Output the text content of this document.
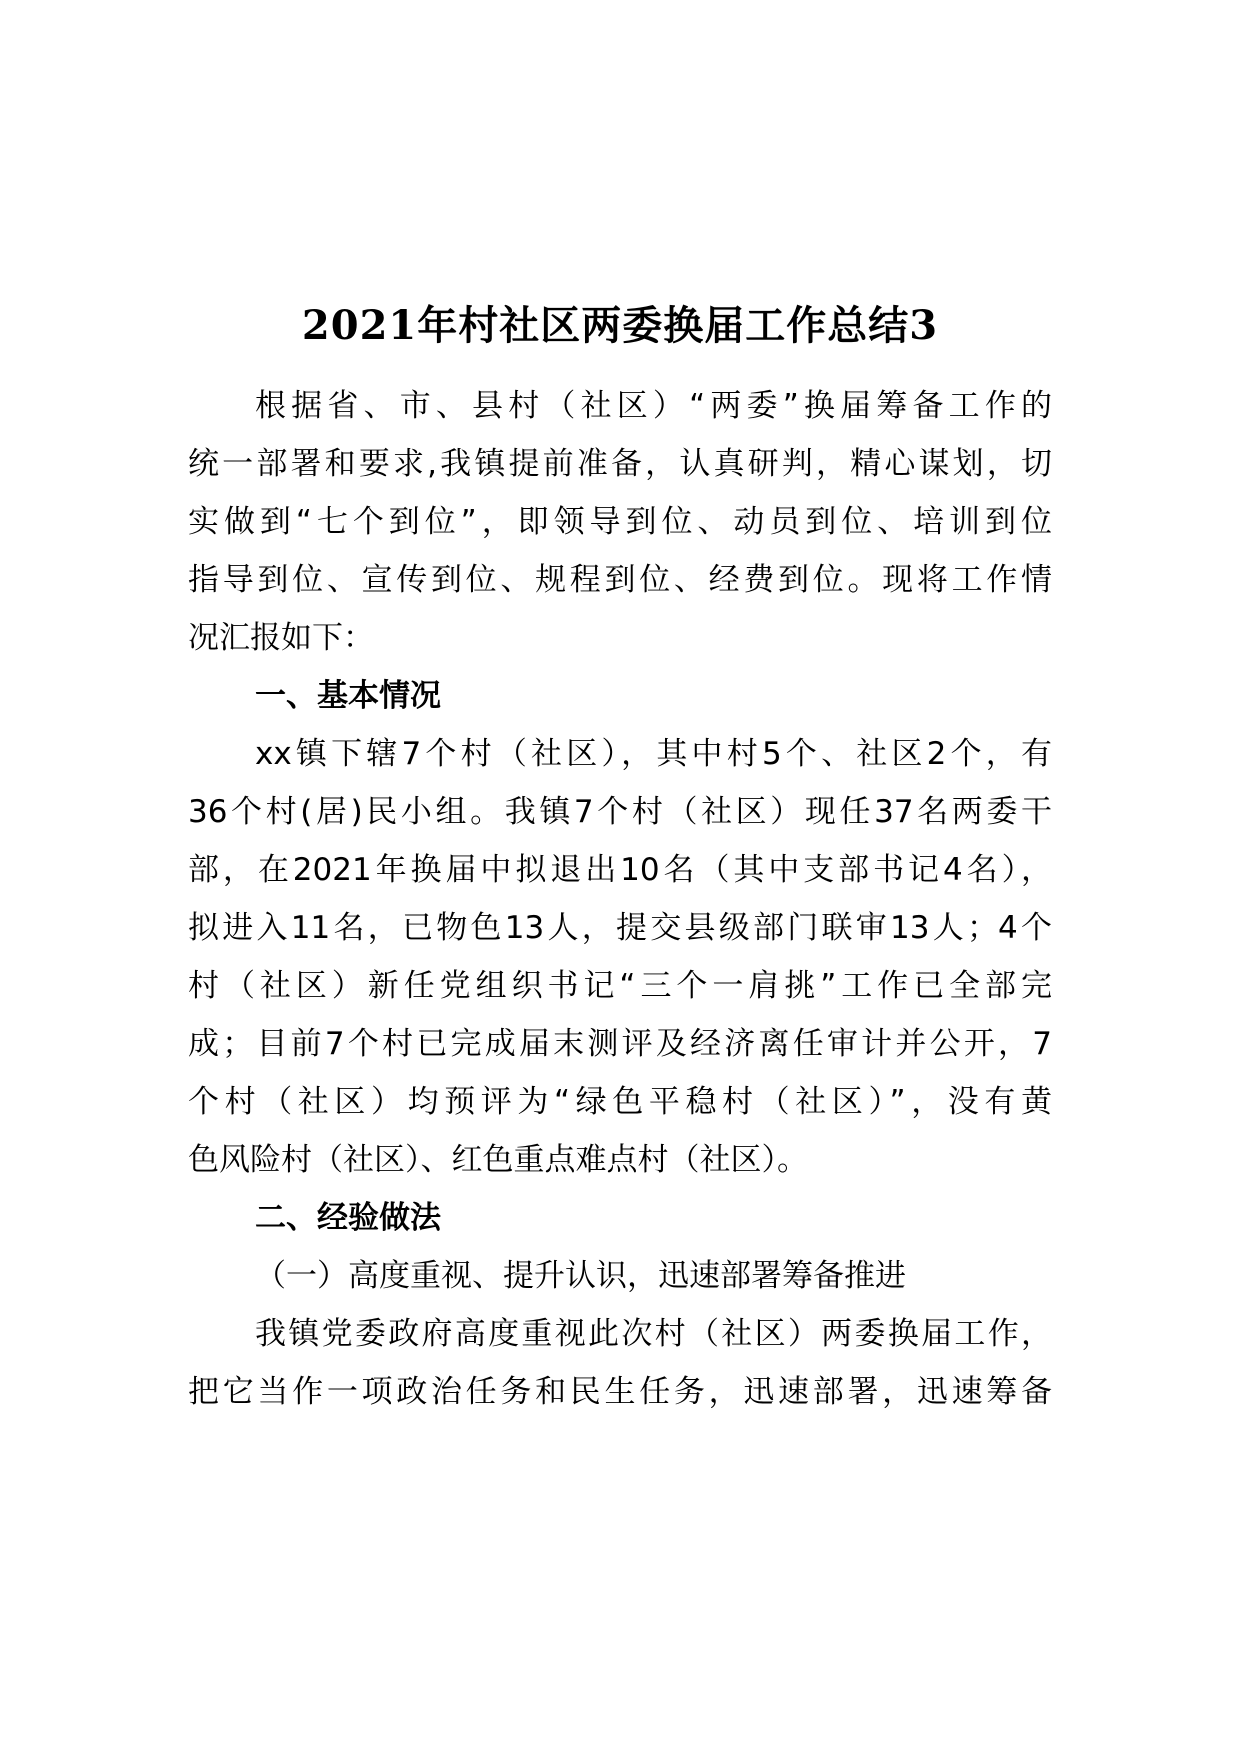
2021年村社区两委换届工作总结3
根据省、市、县村（社区）“两委”换届筹备工作的
统一部署和要求,我镇提前准备，认真研判，精心谋划，切
实做到“七个到位”，即领导到位、动员到位、培训到位
指导到位、宣传到位、规程到位、经费到位。现将工作情
况汇报如下：
一、基本情况
xx镇下辖7个村（社区），其中村5个、社区2个，有
36个村(居)民小组。我镇7个村（社区）现任37名两委干
部，在2021年换届中拟退出10名（其中支部书记4名），
拟进入11名，已物色13人，提交县级部门联审13人；4个
村（社区）新任党组织书记“三个一肩挑”工作已全部完
成；目前7个村已完成届末测评及经济离任审计并公开，7
个村（社区）均预评为“绿色平稳村（社区）”，没有黄
色风险村（社区）、红色重点难点村（社区）。
二、经验做法
（一）高度重视、提升认识，迅速部署筹备推进
我镇党委政府高度重视此次村（社区）两委换届工作，
把它当作一项政治任务和民生任务，迅速部署，迅速筹备
